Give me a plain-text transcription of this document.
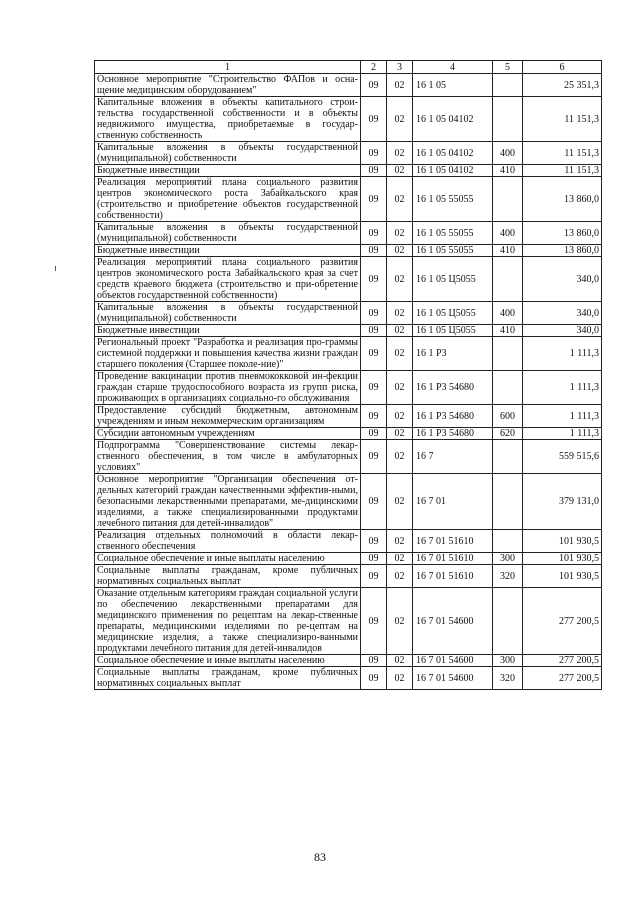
1	2	3	4	5	6
Основное мероприятие "Строительство ФАПов и осна-щение медицинским оборудованием"	09	02	16 1 05		25 351,3
Капитальные вложения в объекты капитального строи-тельства государственной собственности и в объекты недвижимого имущества, приобретаемые в государ-ственную собственность	09	02	16 1 05 04102		11 151,3
Капитальные вложения в объекты государственной (муниципальной) собственности	09	02	16 1 05 04102	400	11 151,3
Бюджетные инвестиции	09	02	16 1 05 04102	410	11 151,3
Реализация мероприятий плана социального развития центров экономического роста Забайкальского края (строительство и приобретение объектов государственной собственности)	09	02	16 1 05 55055		13 860,0
Капитальные вложения в объекты государственной (муниципальной) собственности	09	02	16 1 05 55055	400	13 860,0
Бюджетные инвестиции	09	02	16 1 05 55055	410	13 860,0
Реализация мероприятий плана социального развития центров экономического роста Забайкальского края за счет средств краевого бюджета (строительство и при-обретение объектов государственной собственности)	09	02	16 1 05 Ц5055		340,0
Капитальные вложения в объекты государственной (муниципальной) собственности	09	02	16 1 05 Ц5055	400	340,0
Бюджетные инвестиции	09	02	16 1 05 Ц5055	410	340,0
Региональный проект "Разработка и реализация про-граммы системной поддержки и повышения качества жизни граждан старшего поколения (Старшее поколе-ние)"	09	02	16 1 Р3		1 111,3
Проведение вакцинации против пневмококковой ин-фекции граждан старше трудоспособного возраста из групп риска, проживающих в организациях социально-го обслуживания	09	02	16 1 Р3 54680		1 111,3
Предоставление субсидий бюджетным, автономным учреждениям и иным некоммерческим организациям	09	02	16 1 Р3 54680	600	1 111,3
Субсидии автономным учреждениям	09	02	16 1 Р3 54680	620	1 111,3
Подпрограмма "Совершенствование системы лекар-ственного обеспечения, в том числе в амбулаторных условиях"	09	02	16 7		559 515,6
Основное мероприятие "Организация обеспечения от-дельных категорий граждан качественными эффектив-ными, безопасными лекарственными препаратами, ме-дицинскими изделиями, а также специализированными продуктами лечебного питания для детей-инвалидов"	09	02	16 7 01		379 131,0
Реализация отдельных полномочий в области лекар-ственного обеспечения	09	02	16 7 01 51610		101 930,5
Социальное обеспечение и иные выплаты населению	09	02	16 7 01 51610	300	101 930,5
Социальные выплаты гражданам, кроме публичных нормативных социальных выплат	09	02	16 7 01 51610	320	101 930,5
Оказание отдельным категориям граждан социальной услуги по обеспечению лекарственными препаратами для медицинского применения по рецептам на лекар-ственные препараты, медицинскими изделиями по ре-цептам на медицинские изделия, а также специализиро-ванными продуктами лечебного питания для детей-инвалидов	09	02	16 7 01 54600		277 200,5
Социальное обеспечение и иные выплаты населению	09	02	16 7 01 54600	300	277 200,5
Социальные выплаты гражданам, кроме публичных нормативных социальных выплат	09	02	16 7 01 54600	320	277 200,5
83
